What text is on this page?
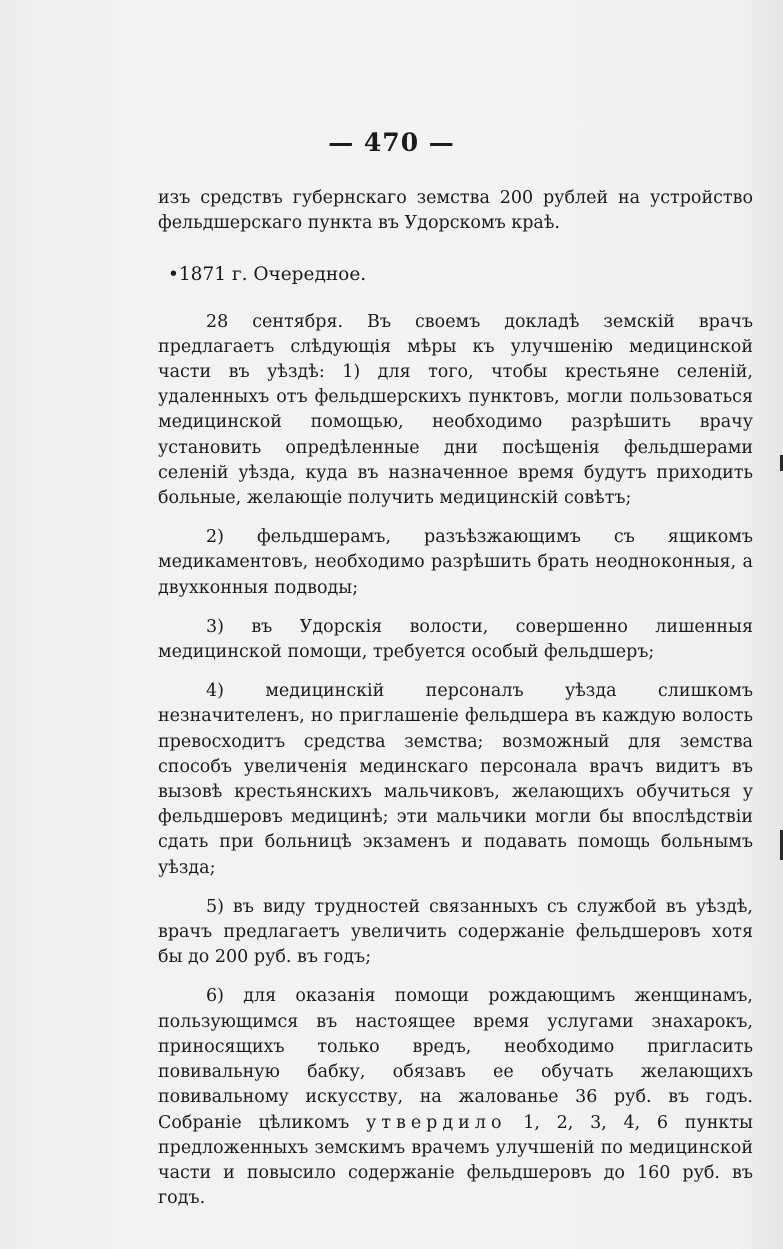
— 470 —

изъ средствъ губернскаго земства 200 рублей на устройство фельдшерскаго пункта въ Удорскомъ краѣ.

•1871 г. Очередное.

28 сентября. Въ своемъ докладѣ земскій врачъ предлагаетъ слѣдующія мѣры къ улучшенію медицинской части въ уѣздѣ: 1) для того, чтобы крестьяне селеній, удаленныхъ отъ фельдшерскихъ пунктовъ, могли пользоваться медицинской помощью, необходимо разрѣшить врачу установить опредѣленные дни посѣщенія фельдшерами селеній уѣзда, куда въ назначенное время будутъ приходить больные, желающіе получить медицинскій совѣтъ;

2) фельдшерамъ, разъѣзжающимъ съ ящикомъ медикаментовъ, необходимо разрѣшить брать неодноконныя, а двухконныя подводы;

3) въ Удорскія волости, совершенно лишенныя медицинской помощи, требуется особый фельдшеръ;

4) медицинскій персоналъ уѣзда слишкомъ незначителенъ, но приглашеніе фельдшера въ каждую волость превосходитъ средства земства; возможный для земства способъ увеличенія мединскаго персонала врачъ видитъ въ вызовѣ крестьянскихъ мальчиковъ, желающихъ обучиться у фельдшеровъ медицинѣ; эти мальчики могли бы впослѣдствіи сдать при больницѣ экзаменъ и подавать помощь больнымъ уѣзда;

5) въ виду трудностей связанныхъ съ службой въ уѣздѣ, врачъ предлагаетъ увеличить содержаніе фельдшеровъ хотя бы до 200 руб. въ годъ;

6) для оказанія помощи рождающимъ женщинамъ, пользующимся въ настоящее время услугами знахарокъ, приносящихъ только вредъ, необходимо пригласить повивальную бабку, обязавъ ее обучать желающихъ повивальному искусству, на жалованье 36 руб. въ годъ. Собраніе цѣликомъ утвердило 1, 2, 3, 4, 6 пункты предложенныхъ земскимъ врачемъ улучшеній по медицинской части и повысило содержаніе фельдшеровъ до 160 руб. въ годъ.
